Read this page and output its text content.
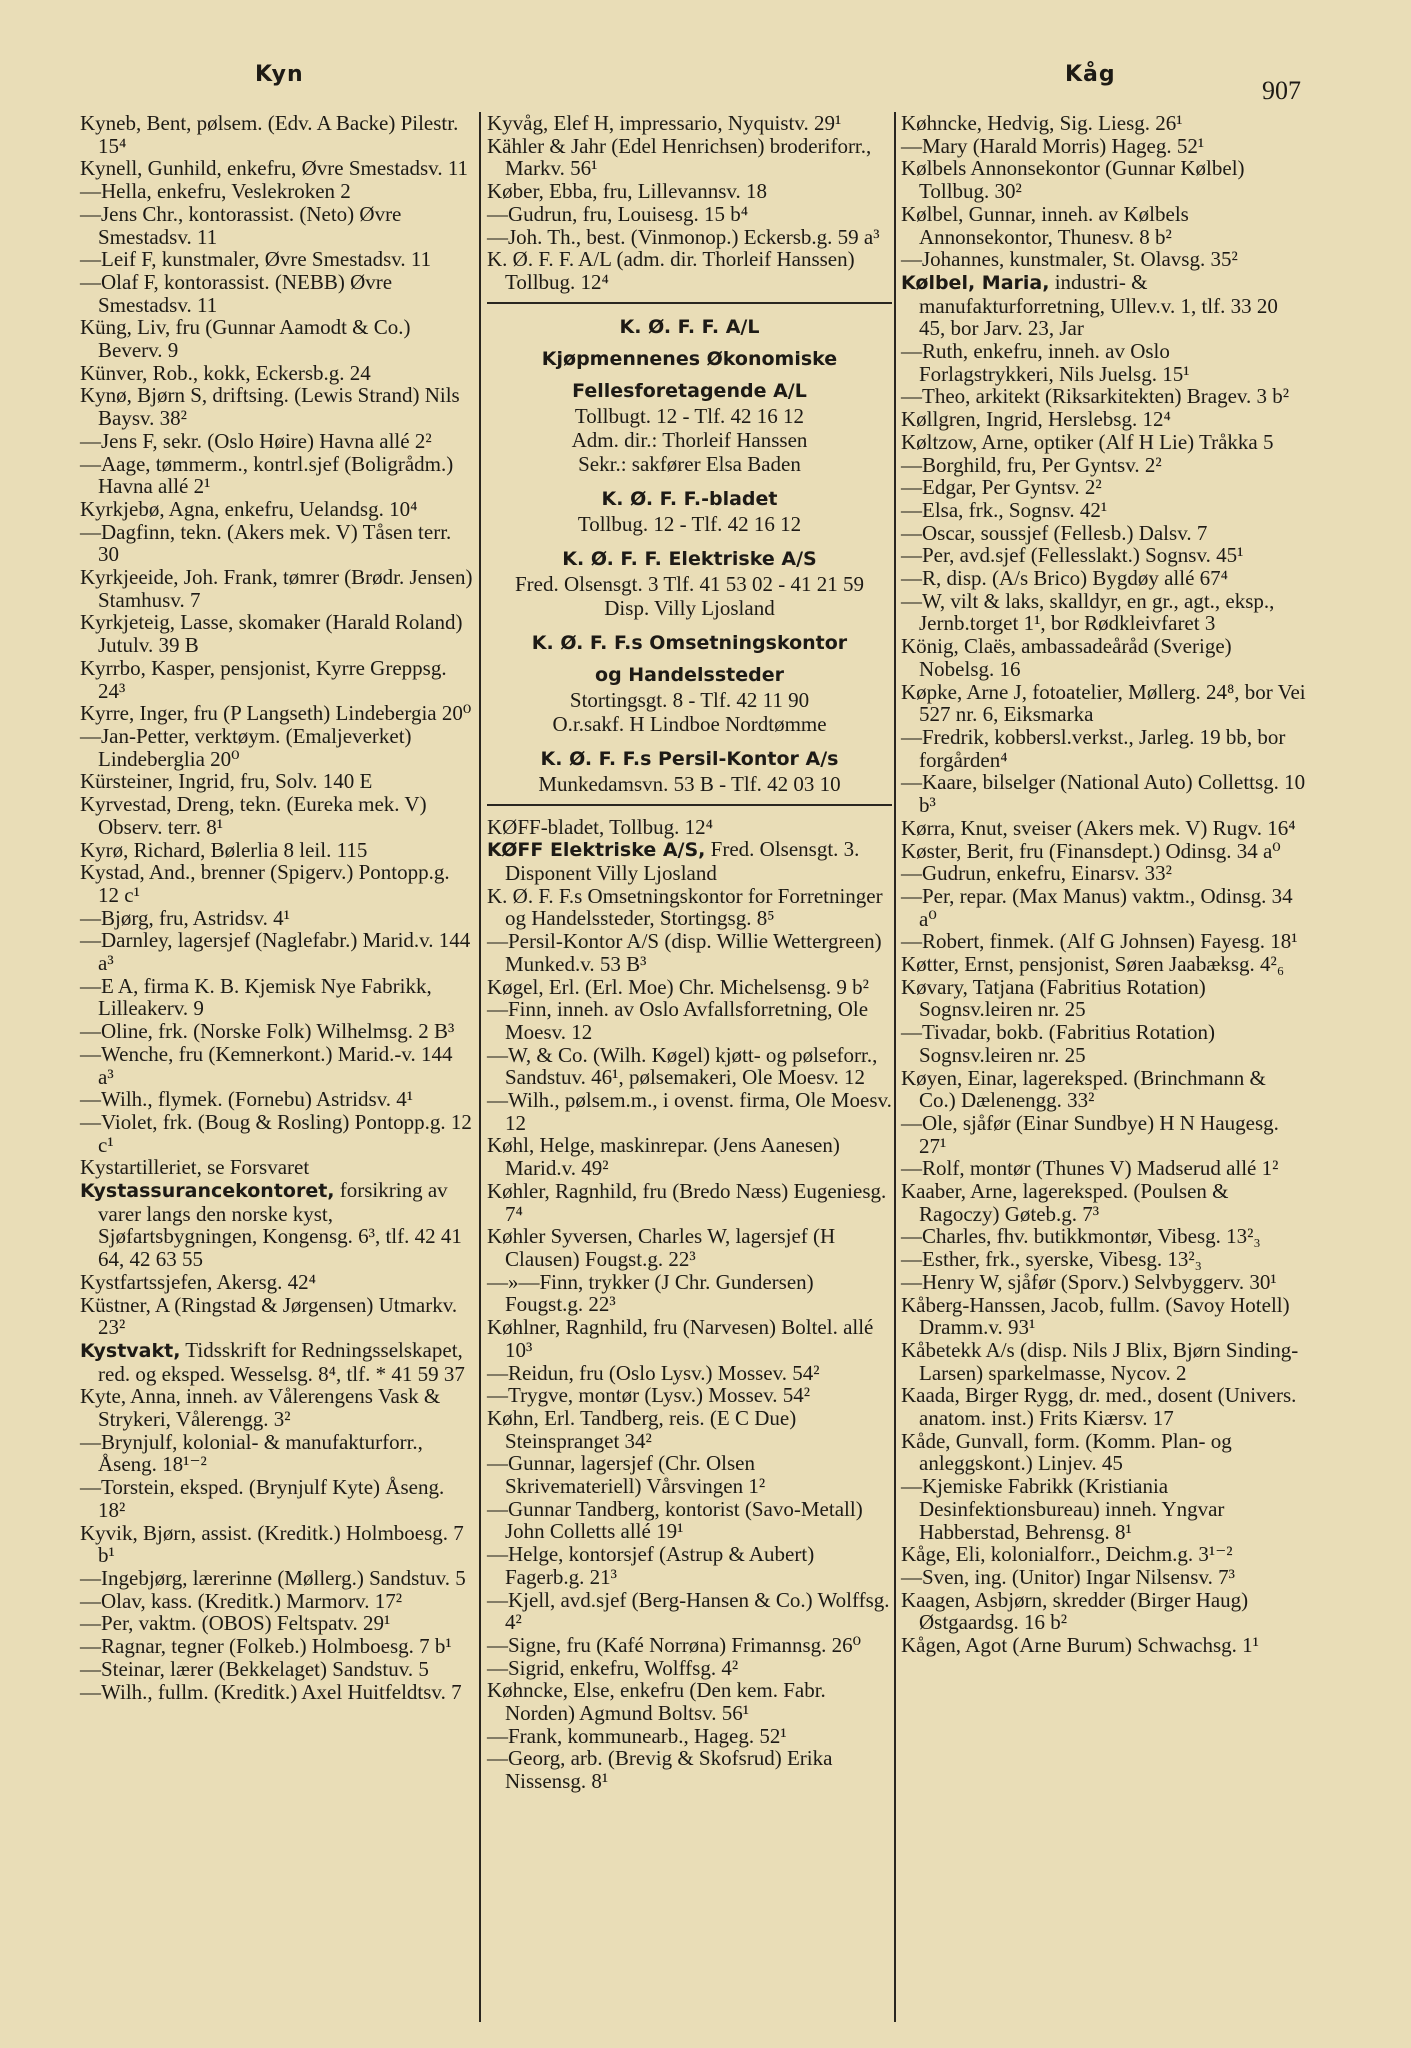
Kyn	Kåg
907

Kyneb, Bent, pølsem. (Edv. A Backe) Pilestr. 15⁴

Kynell, Gunhild, enkefru, Øvre Smestadsv. 11

—Hella, enkefru, Veslekroken 2

—Jens Chr., kontorassist. (Neto) Øvre Smestadsv. 11

—Leif F, kunstmaler, Øvre Smestadsv. 11

—Olaf F, kontorassist. (NEBB) Øvre Smestadsv. 11

Küng, Liv, fru (Gunnar Aamodt & Co.) Beverv. 9

Künver, Rob., kokk, Eckersb.g. 24

Kynø, Bjørn S, driftsing. (Lewis Strand) Nils Baysv. 38²

—Jens F, sekr. (Oslo Høire) Havna allé 2²

—Aage, tømmerm., kontrl.sjef (Boligrådm.) Havna allé 2¹

Kyrkjebø, Agna, enkefru, Uelandsg. 10⁴

—Dagfinn, tekn. (Akers mek. V) Tåsen terr. 30

Kyrkjeeide, Joh. Frank, tømrer (Brødr. Jensen) Stamhusv. 7

Kyrkjeteig, Lasse, skomaker (Harald Roland) Jutulv. 39 B

Kyrrbo, Kasper, pensjonist, Kyrre Greppsg. 24³

Kyrre, Inger, fru (P Langseth) Lindebergia 20⁰

—Jan-Petter, verktøym. (Emaljeverket) Lindeberglia 20⁰

Kürsteiner, Ingrid, fru, Solv. 140 E

Kyrvestad, Dreng, tekn. (Eureka mek. V) Observ. terr. 8¹

Kyrø, Richard, Bølerlia 8 leil. 115

Kystad, And., brenner (Spigerv.) Pontopp.g. 12 c¹

—Bjørg, fru, Astridsv. 4¹

—Darnley, lagersjef (Naglefabr.) Marid.v. 144 a³

—E A, firma K. B. Kjemisk Nye Fabrikk, Lilleakerv. 9

—Oline, frk. (Norske Folk) Wilhelmsg. 2 B³

—Wenche, fru (Kemnerkont.) Marid.-v. 144 a³

—Wilh., flymek. (Fornebu) Astridsv. 4¹

—Violet, frk. (Boug & Rosling) Pontopp.g. 12 c¹

Kystartilleriet, se Forsvaret

Kystassurancekontoret, forsikring av varer langs den norske kyst, Sjøfartsbygningen, Kongensg. 6³, tlf. 42 41 64, 42 63 55

Kystfartssjefen, Akersg. 42⁴

Küstner, A (Ringstad & Jørgensen) Utmarkv. 23²

Kystvakt, Tidsskrift for Redningsselskapet, red. og eksped. Wesselsg. 8⁴, tlf. * 41 59 37

Kyte, Anna, inneh. av Vålerengens Vask & Strykeri, Vålerengg. 3²

—Brynjulf, kolonial- & manufakturforr., Åseng. 18¹⁻²

—Torstein, eksped. (Brynjulf Kyte) Åseng. 18²

Kyvik, Bjørn, assist. (Kreditk.) Holmboesg. 7 b¹

—Ingebjørg, lærerinne (Møllerg.) Sandstuv. 5

—Olav, kass. (Kreditk.) Marmorv. 17²

—Per, vaktm. (OBOS) Feltspatv. 29¹

—Ragnar, tegner (Folkeb.) Holmboesg. 7 b¹

—Steinar, lærer (Bekkelaget) Sandstuv. 5

—Wilh., fullm. (Kreditk.) Axel Huitfeldtsv. 7

Kyvåg, Elef H, impressario, Nyquistv. 29¹

Kähler & Jahr (Edel Henrichsen) broderiforr., Markv. 56¹

Køber, Ebba, fru, Lillevannsv. 18

—Gudrun, fru, Louisesg. 15 b⁴

—Joh. Th., best. (Vinmonop.) Eckersb.g. 59 a³

K. Ø. F. F. A/L (adm. dir. Thorleif Hanssen) Tollbug. 12⁴

K. Ø. F. F. A/L
Kjøpmennenes Økonomiske
Fellesforetagende A/L
Tollbugt. 12 - Tlf. 42 16 12
Adm. dir.: Thorleif Hanssen
Sekr.: sakfører Elsa Baden
K. Ø. F. F.-bladet
Tollbug. 12 - Tlf. 42 16 12
K. Ø. F. F. Elektriske A/S
Fred. Olsensgt. 3 Tlf. 41 53 02 - 41 21 59
Disp. Villy Ljosland
K. Ø. F. F.s Omsetningskontor
og Handelssteder
Stortingsgt. 8 - Tlf. 42 11 90
O.r.sakf. H Lindboe Nordtømme
K. Ø. F. F.s Persil-Kontor A/s
Munkedamsvn. 53 B - Tlf. 42 03 10

KØFF-bladet, Tollbug. 12⁴

KØFF Elektriske A/S, Fred. Olsensgt. 3. Disponent Villy Ljosland

K. Ø. F. F.s Omsetningskontor for Forretninger og Handelssteder, Stortingsg. 8⁵

—Persil-Kontor A/S (disp. Willie Wettergreen) Munked.v. 53 B³

Køgel, Erl. (Erl. Moe) Chr. Michelsensg. 9 b²

—Finn, inneh. av Oslo Avfallsforretning, Ole Moesv. 12

—W, & Co. (Wilh. Køgel) kjøtt- og pølseforr., Sandstuv. 46¹, pølsemakeri, Ole Moesv. 12

—Wilh., pølsem.m., i ovenst. firma, Ole Moesv. 12

Køhl, Helge, maskinrepar. (Jens Aanesen) Marid.v. 49²

Køhler, Ragnhild, fru (Bredo Næss) Eugeniesg. 7⁴

Køhler Syversen, Charles W, lagersjef (H Clausen) Fougst.g. 22³

—»—Finn, trykker (J Chr. Gundersen) Fougst.g. 22³

Køhlner, Ragnhild, fru (Narvesen) Boltel. allé 10³

—Reidun, fru (Oslo Lysv.) Mossev. 54²

—Trygve, montør (Lysv.) Mossev. 54²

Køhn, Erl. Tandberg, reis. (E C Due) Steinspranget 34²

—Gunnar, lagersjef (Chr. Olsen Skrivemateriell) Vårsvingen 1²

—Gunnar Tandberg, kontorist (Savo-Metall) John Colletts allé 19¹

—Helge, kontorsjef (Astrup & Aubert) Fagerb.g. 21³

—Kjell, avd.sjef (Berg-Hansen & Co.) Wolffsg. 4²

—Signe, fru (Kafé Norrøna) Frimannsg. 26⁰

—Sigrid, enkefru, Wolffsg. 4²

Køhncke, Else, enkefru (Den kem. Fabr. Norden) Agmund Boltsv. 56¹

—Frank, kommunearb., Hageg. 52¹

—Georg, arb. (Brevig & Skofsrud) Erika Nissensg. 8¹

Køhncke, Hedvig, Sig. Liesg. 26¹

—Mary (Harald Morris) Hageg. 52¹

Kølbels Annonsekontor (Gunnar Kølbel) Tollbug. 30²

Kølbel, Gunnar, inneh. av Kølbels Annonsekontor, Thunesv. 8 b²

—Johannes, kunstmaler, St. Olavsg. 35²

Kølbel, Maria, industri- & manufakturforretning, Ullev.v. 1, tlf. 33 20 45, bor Jarv. 23, Jar

—Ruth, enkefru, inneh. av Oslo Forlagstrykkeri, Nils Juelsg. 15¹

—Theo, arkitekt (Riksarkitekten) Bragev. 3 b²

Køllgren, Ingrid, Herslebsg. 12⁴

Køltzow, Arne, optiker (Alf H Lie) Tråkka 5

—Borghild, fru, Per Gyntsv. 2²

—Edgar, Per Gyntsv. 2²

—Elsa, frk., Sognsv. 42¹

—Oscar, soussjef (Fellesb.) Dalsv. 7

—Per, avd.sjef (Fellesslakt.) Sognsv. 45¹

—R, disp. (A/s Brico) Bygdøy allé 67⁴

—W, vilt & laks, skalldyr, en gr., agt., eksp., Jernb.torget 1¹, bor Rødkleivfaret 3

König, Claës, ambassadeåråd (Sverige) Nobelsg. 16

Køpke, Arne J, fotoatelier, Møllerg. 24⁸, bor Vei 527 nr. 6, Eiksmarka

—Fredrik, kobbersl.verkst., Jarleg. 19 bb, bor forgården⁴

—Kaare, bilselger (National Auto) Collettsg. 10 b³

Kørra, Knut, sveiser (Akers mek. V) Rugv. 16⁴

Køster, Berit, fru (Finansdept.) Odinsg. 34 a⁰

—Gudrun, enkefru, Einarsv. 33²

—Per, repar. (Max Manus) vaktm., Odinsg. 34 a⁰

—Robert, finmek. (Alf G Johnsen) Fayesg. 18¹

Køtter, Ernst, pensjonist, Søren Jaabæksg. 4²₆

Køvary, Tatjana (Fabritius Rotation) Sognsv.leiren nr. 25

—Tivadar, bokb. (Fabritius Rotation) Sognsv.leiren nr. 25

Køyen, Einar, lagereksped. (Brinchmann & Co.) Dælenengg. 33²

—Ole, sjåfør (Einar Sundbye) H N Haugesg. 27¹

—Rolf, montør (Thunes V) Madserud allé 1²

Kaaber, Arne, lagereksped. (Poulsen & Ragoczy) Gøteb.g. 7³

—Charles, fhv. butikkmontør, Vibesg. 13²₃

—Esther, frk., syerske, Vibesg. 13²₃

—Henry W, sjåfør (Sporv.) Selvbyggerv. 30¹

Kåberg-Hanssen, Jacob, fullm. (Savoy Hotell) Dramm.v. 93¹

Kåbetekk A/s (disp. Nils J Blix, Bjørn Sinding-Larsen) sparkelmasse, Nycov. 2

Kaada, Birger Rygg, dr. med., dosent (Univers. anatom. inst.) Frits Kiærsv. 17

Kåde, Gunvall, form. (Komm. Plan- og anleggskont.) Linjev. 45

—Kjemiske Fabrikk (Kristiania Desinfektionsbureau) inneh. Yngvar Habberstad, Behrensg. 8¹

Kåge, Eli, kolonialforr., Deichm.g. 3¹⁻²

—Sven, ing. (Unitor) Ingar Nilsensv. 7³

Kaagen, Asbjørn, skredder (Birger Haug) Østgaardsg. 16 b²

Kågen, Agot (Arne Burum) Schwachsg. 1¹
